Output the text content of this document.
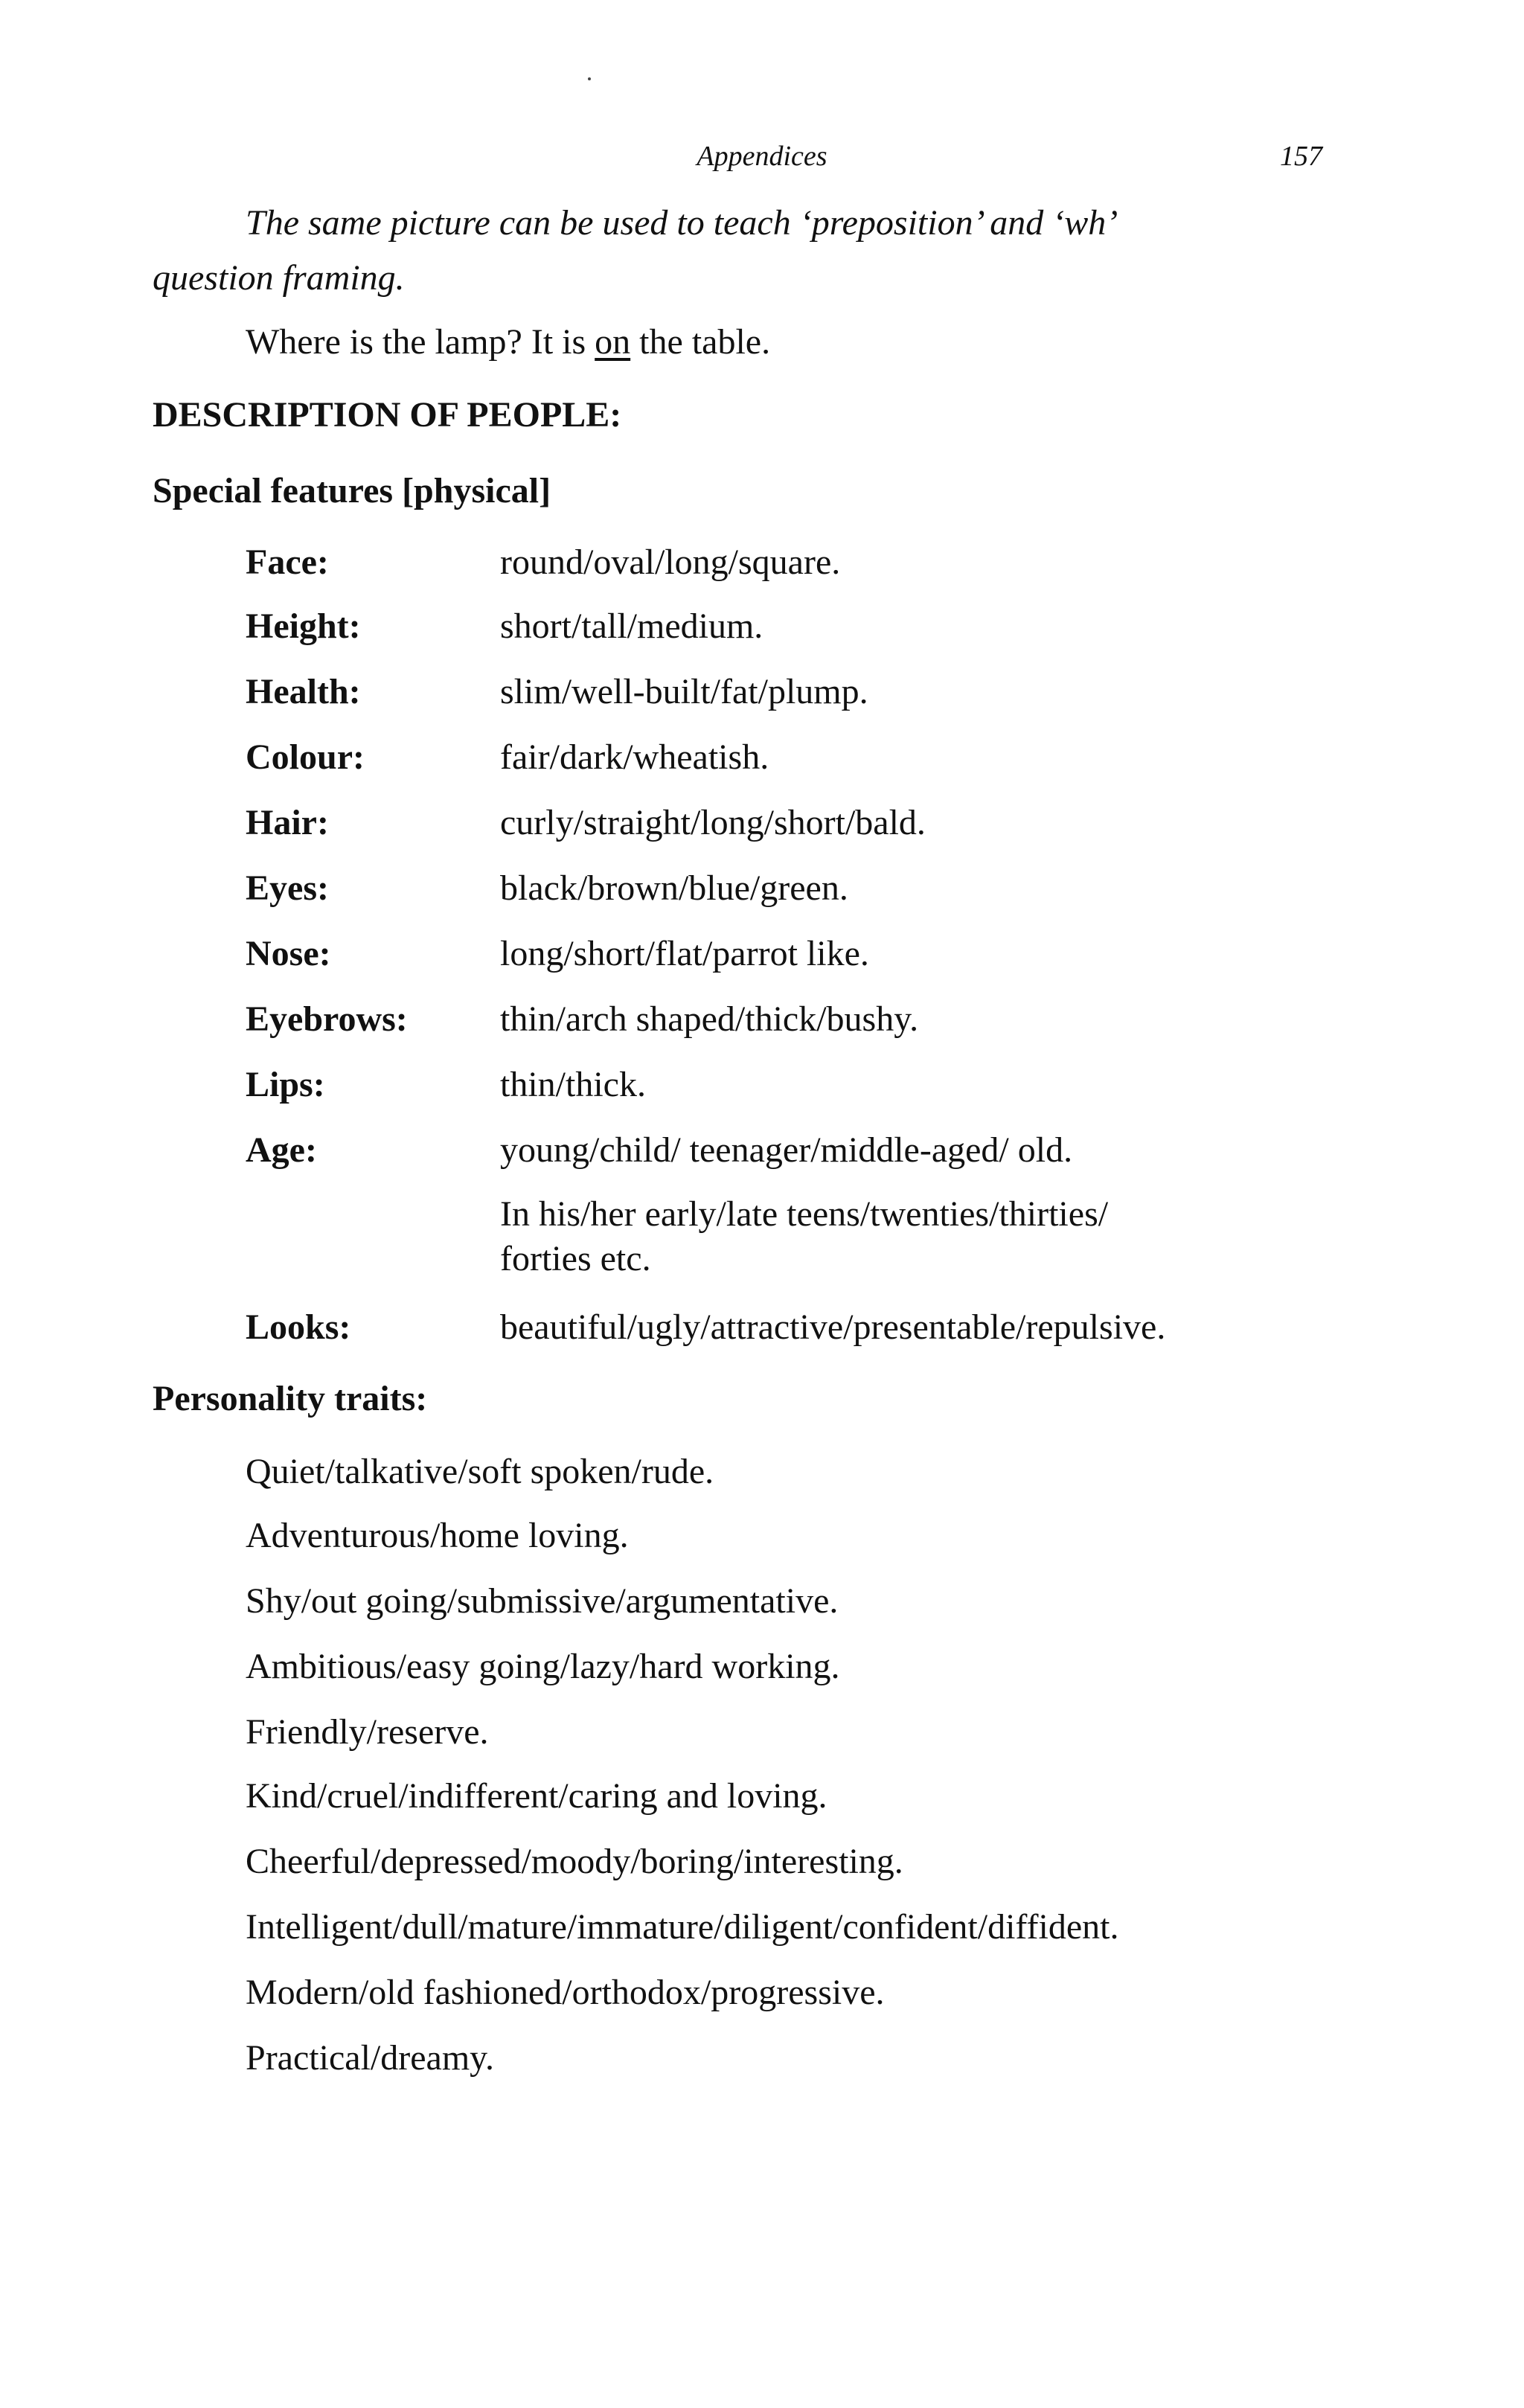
Appendices	157
The same picture can be used to teach ‘preposition’ and ‘wh’
question framing.
Where is the lamp? It is on the table.
DESCRIPTION OF PEOPLE:
Special features [physical]
Face:	round/oval/long/square.
Height:	short/tall/medium.
Health:	slim/well-built/fat/plump.
Colour:	fair/dark/wheatish.
Hair:	curly/straight/long/short/bald.
Eyes:	black/brown/blue/green.
Nose:	long/short/flat/parrot like.
Eyebrows:	thin/arch shaped/thick/bushy.
Lips:	thin/thick.
Age:	young/child/ teenager/middle-aged/ old.
In his/her early/late teens/twenties/thirties/
forties etc.
Looks:	beautiful/ugly/attractive/presentable/repulsive.
Personality traits:
Quiet/talkative/soft spoken/rude.
Adventurous/home loving.
Shy/out going/submissive/argumentative.
Ambitious/easy going/lazy/hard working.
Friendly/reserve.
Kind/cruel/indifferent/caring and loving.
Cheerful/depressed/moody/boring/interesting.
Intelligent/dull/mature/immature/diligent/confident/diffident.
Modern/old fashioned/orthodox/progressive.
Practical/dreamy.
